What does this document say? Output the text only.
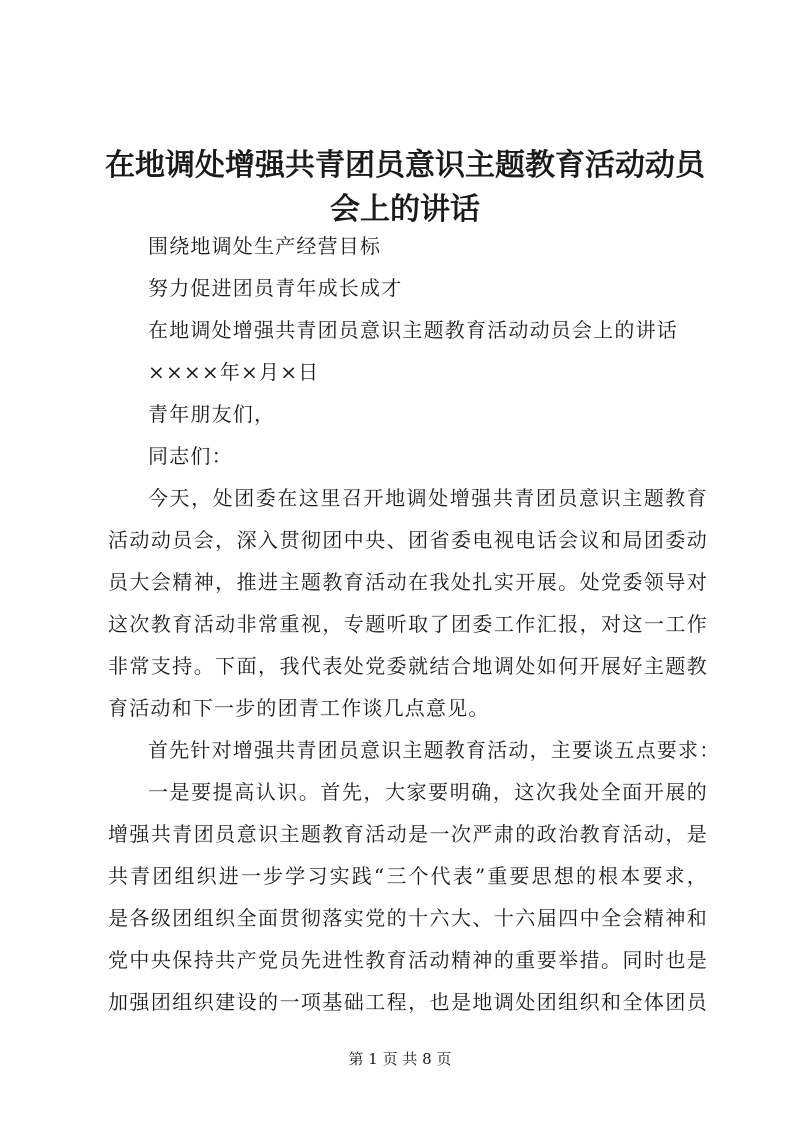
在地调处增强共青团员意识主题教育活动动员
会上的讲话
围绕地调处生产经营目标
努力促进团员青年成长成才
在地调处增强共青团员意识主题教育活动动员会上的讲话
××××年×月×日
青年朋友们，
同志们：
今天，处团委在这里召开地调处增强共青团员意识主题教育
活动动员会，深入贯彻团中央、团省委电视电话会议和局团委动
员大会精神，推进主题教育活动在我处扎实开展。处党委领导对
这次教育活动非常重视，专题听取了团委工作汇报，对这一工作
非常支持。下面，我代表处党委就结合地调处如何开展好主题教
育活动和下一步的团青工作谈几点意见。
首先针对增强共青团员意识主题教育活动，主要谈五点要求：
一是要提高认识。首先，大家要明确，这次我处全面开展的
增强共青团员意识主题教育活动是一次严肃的政治教育活动，是
共青团组织进一步学习实践“三个代表”重要思想的根本要求，
是各级团组织全面贯彻落实党的十六大、十六届四中全会精神和
党中央保持共产党员先进性教育活动精神的重要举措。同时也是
加强团组织建设的一项基础工程，也是地调处团组织和全体团员
第 1 页 共 8 页
